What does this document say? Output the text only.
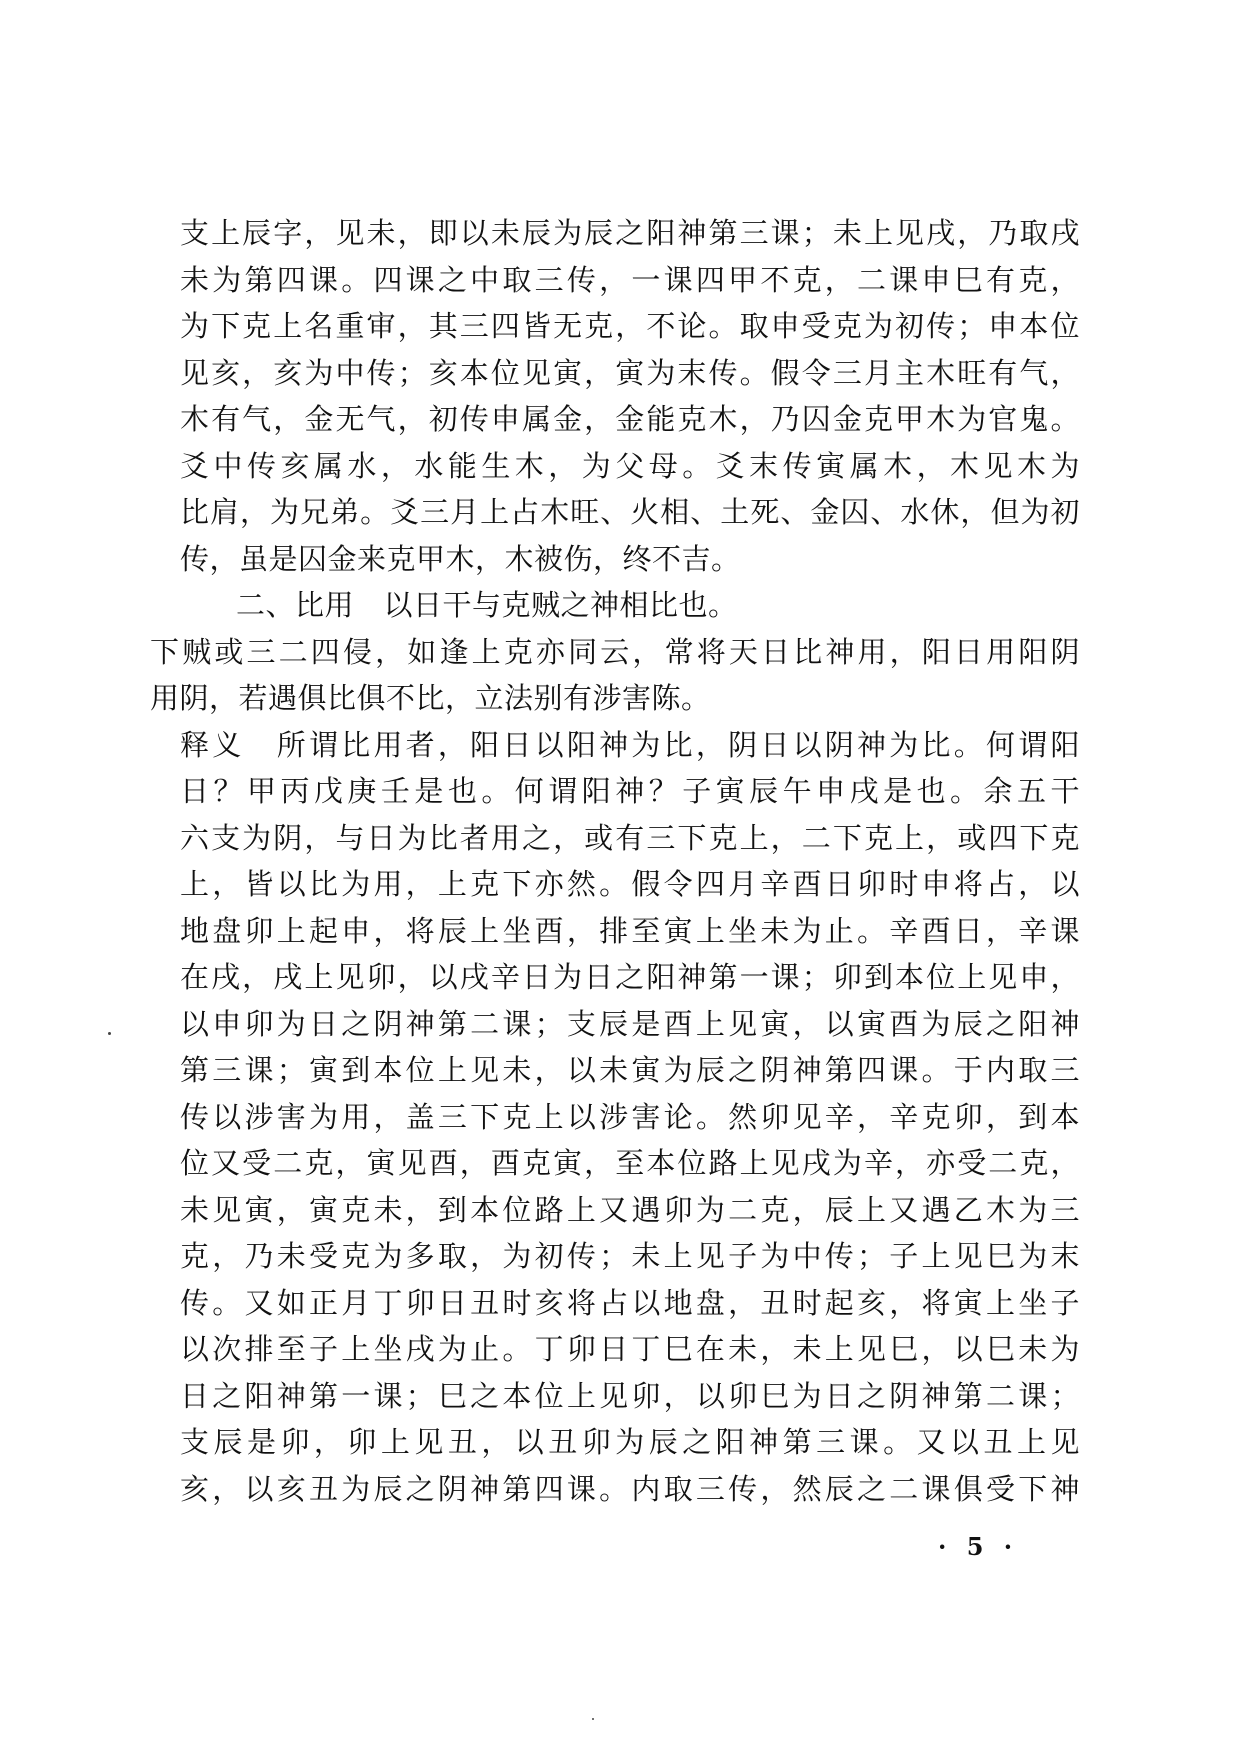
支上辰字，见未，即以未辰为辰之阳神第三课；未上见戌，乃取戌
未为第四课。四课之中取三传，一课四甲不克，二课申巳有克，
为下克上名重审，其三四皆无克，不论。取申受克为初传；申本位
见亥，亥为中传；亥本位见寅，寅为末传。假令三月主木旺有气，
木有气，金无气，初传申属金，金能克木，乃囚金克甲木为官鬼。
爻中传亥属水，水能生木，为父母。爻末传寅属木，木见木为
比肩，为兄弟。爻三月上占木旺、火相、土死、金囚、水休，但为初
传，虽是囚金来克甲木，木被伤，终不吉。
二、比用　以日干与克贼之神相比也。
下贼或三二四侵，如逢上克亦同云，常将天日比神用，阳日用阳阴
用阴，若遇俱比俱不比，立法别有涉害陈。
释义　所谓比用者，阳日以阳神为比，阴日以阴神为比。何谓阳
日？甲丙戊庚壬是也。何谓阳神？子寅辰午申戌是也。余五干
六支为阴，与日为比者用之，或有三下克上，二下克上，或四下克
上，皆以比为用，上克下亦然。假令四月辛酉日卯时申将占，以
地盘卯上起申，将辰上坐酉，排至寅上坐未为止。辛酉日，辛课
在戌，戌上见卯，以戌辛日为日之阳神第一课；卯到本位上见申，
以申卯为日之阴神第二课；支辰是酉上见寅，以寅酉为辰之阳神
第三课；寅到本位上见未，以未寅为辰之阴神第四课。于内取三
传以涉害为用，盖三下克上以涉害论。然卯见辛，辛克卯，到本
位又受二克，寅见酉，酉克寅，至本位路上见戌为辛，亦受二克，
未见寅，寅克未，到本位路上又遇卯为二克，辰上又遇乙木为三
克，乃未受克为多取，为初传；未上见子为中传；子上见巳为末
传。又如正月丁卯日丑时亥将占以地盘，丑时起亥，将寅上坐子
以次排至子上坐戌为止。丁卯日丁巳在未，未上见巳，以巳未为
日之阳神第一课；巳之本位上见卯，以卯巳为日之阴神第二课；
支辰是卯，卯上见丑，以丑卯为辰之阳神第三课。又以丑上见
亥，以亥丑为辰之阴神第四课。内取三传，然辰之二课俱受下神
· 5 ·
